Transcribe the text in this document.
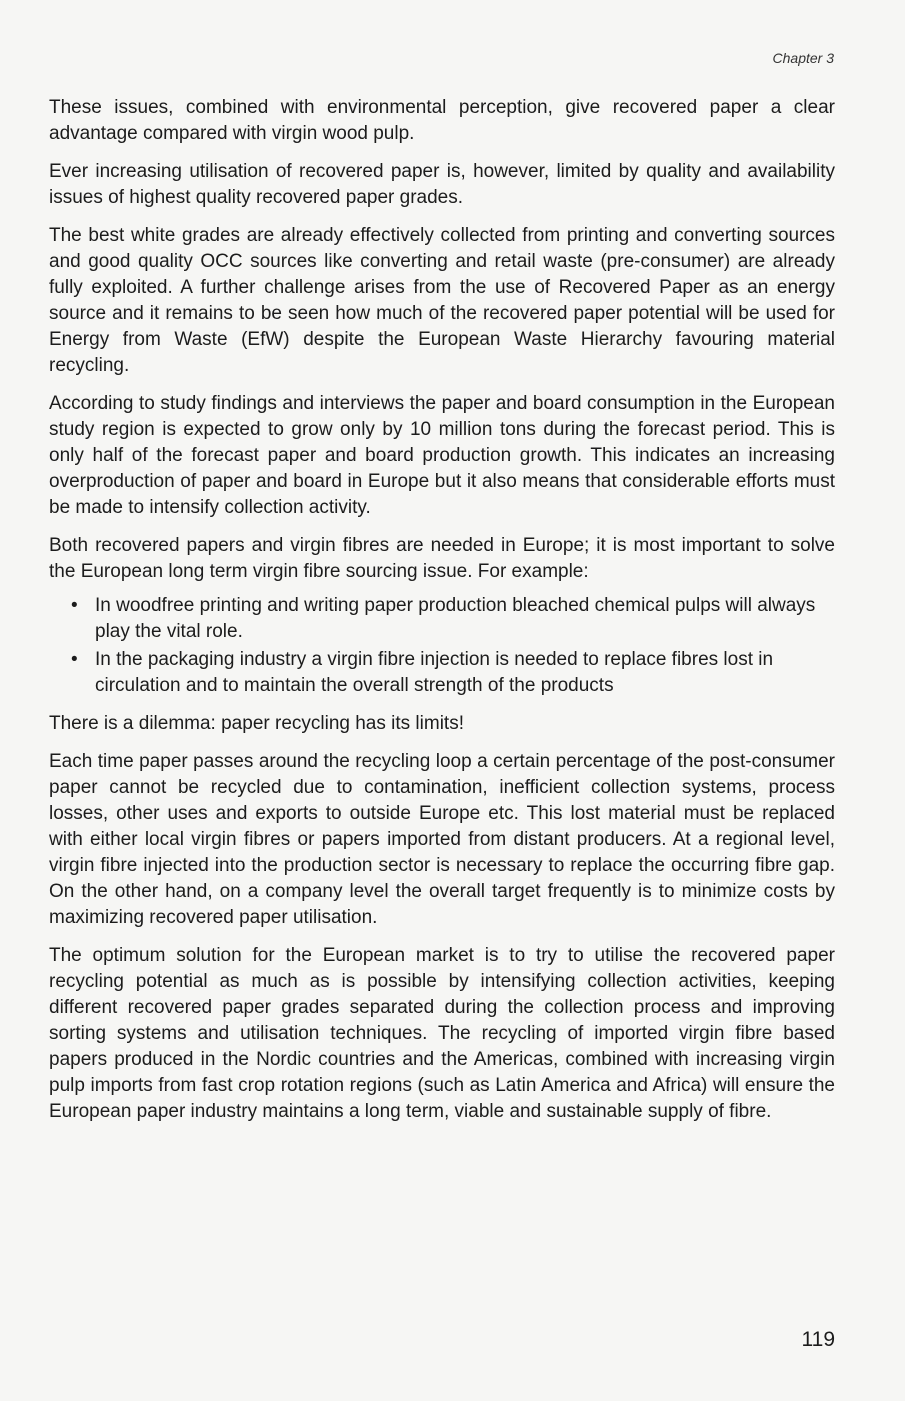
Chapter 3

These issues, combined with environmental perception, give recovered paper a clear advantage compared with virgin wood pulp.

Ever increasing utilisation of recovered paper is, however, limited by quality and availability issues of highest quality recovered paper grades.

The best white grades are already effectively collected from printing and converting sources and good quality OCC sources like converting and retail waste (pre-consumer) are already fully exploited. A further challenge arises from the use of Recovered Paper as an energy source and it remains to be seen how much of the recovered paper potential will be used for Energy from Waste (EfW) despite the European Waste Hierarchy favouring material recycling.

According to study findings and interviews the paper and board consumption in the European study region is expected to grow only by 10 million tons during the forecast period. This is only half of the forecast paper and board production growth. This indicates an increasing overproduction of paper and board in Europe but it also means that considerable efforts must be made to intensify collection activity.

Both recovered papers and virgin fibres are needed in Europe; it is most important to solve the European long term virgin fibre sourcing issue. For example:

• In woodfree printing and writing paper production bleached chemical pulps will always play the vital role.
• In the packaging industry a virgin fibre injection is needed to replace fibres lost in circulation and to maintain the overall strength of the products

There is a dilemma: paper recycling has its limits!

Each time paper passes around the recycling loop a certain percentage of the post-consumer paper cannot be recycled due to contamination, inefficient collection systems, process losses, other uses and exports to outside Europe etc. This lost material must be replaced with either local virgin fibres or papers imported from distant producers. At a regional level, virgin fibre injected into the production sector is necessary to replace the occurring fibre gap. On the other hand, on a company level the overall target frequently is to minimize costs by maximizing recovered paper utilisation.

The optimum solution for the European market is to try to utilise the recovered paper recycling potential as much as is possible by intensifying collection activities, keeping different recovered paper grades separated during the collection process and improving sorting systems and utilisation techniques. The recycling of imported virgin fibre based papers produced in the Nordic countries and the Americas, combined with increasing virgin pulp imports from fast crop rotation regions (such as Latin America and Africa) will ensure the European paper industry maintains a long term, viable and sustainable supply of fibre.

119
